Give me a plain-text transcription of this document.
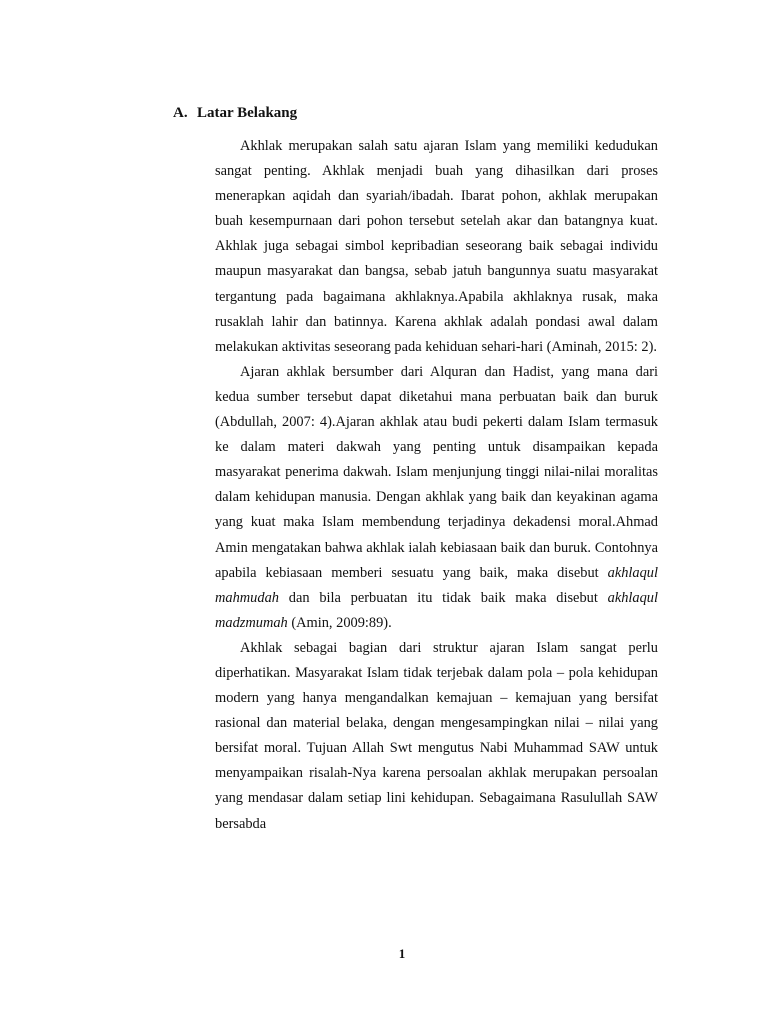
A. Latar Belakang

Akhlak merupakan salah satu ajaran Islam yang memiliki kedudukan sangat penting. Akhlak menjadi buah yang dihasilkan dari proses menerapkan aqidah dan syariah/ibadah. Ibarat pohon, akhlak merupakan buah kesempurnaan dari pohon tersebut setelah akar dan batangnya kuat. Akhlak juga sebagai simbol kepribadian seseorang baik sebagai individu maupun masyarakat dan bangsa, sebab jatuh bangunnya suatu masyarakat tergantung pada bagaimana akhlaknya.Apabila akhlaknya rusak, maka rusaklah lahir dan batinnya. Karena akhlak adalah pondasi awal dalam melakukan aktivitas seseorang pada kehiduan sehari-hari (Aminah, 2015: 2).

Ajaran akhlak bersumber dari Alquran dan Hadist, yang mana dari kedua sumber tersebut dapat diketahui mana perbuatan baik dan buruk (Abdullah, 2007: 4).Ajaran akhlak atau budi pekerti dalam Islam termasuk ke dalam materi dakwah yang penting untuk disampaikan kepada masyarakat penerima dakwah. Islam menjunjung tinggi nilai-nilai moralitas dalam kehidupan manusia. Dengan akhlak yang baik dan keyakinan agama yang kuat maka Islam membendung terjadinya dekadensi moral.Ahmad Amin mengatakan bahwa akhlak ialah kebiasaan baik dan buruk. Contohnya apabila kebiasaan memberi sesuatu yang baik, maka disebut akhlaqul mahmudah dan bila perbuatan itu tidak baik maka disebut akhlaqul madzmumah (Amin, 2009:89).

Akhlak sebagai bagian dari struktur ajaran Islam sangat perlu diperhatikan. Masyarakat Islam tidak terjebak dalam pola – pola kehidupan modern yang hanya mengandalkan kemajuan – kemajuan yang bersifat rasional dan material belaka, dengan mengesampingkan nilai – nilai yang bersifat moral. Tujuan Allah Swt mengutus Nabi Muhammad SAW untuk menyampaikan risalah-Nya karena persoalan akhlak merupakan persoalan yang mendasar dalam setiap lini kehidupan. Sebagaimana Rasulullah SAW bersabda

1
